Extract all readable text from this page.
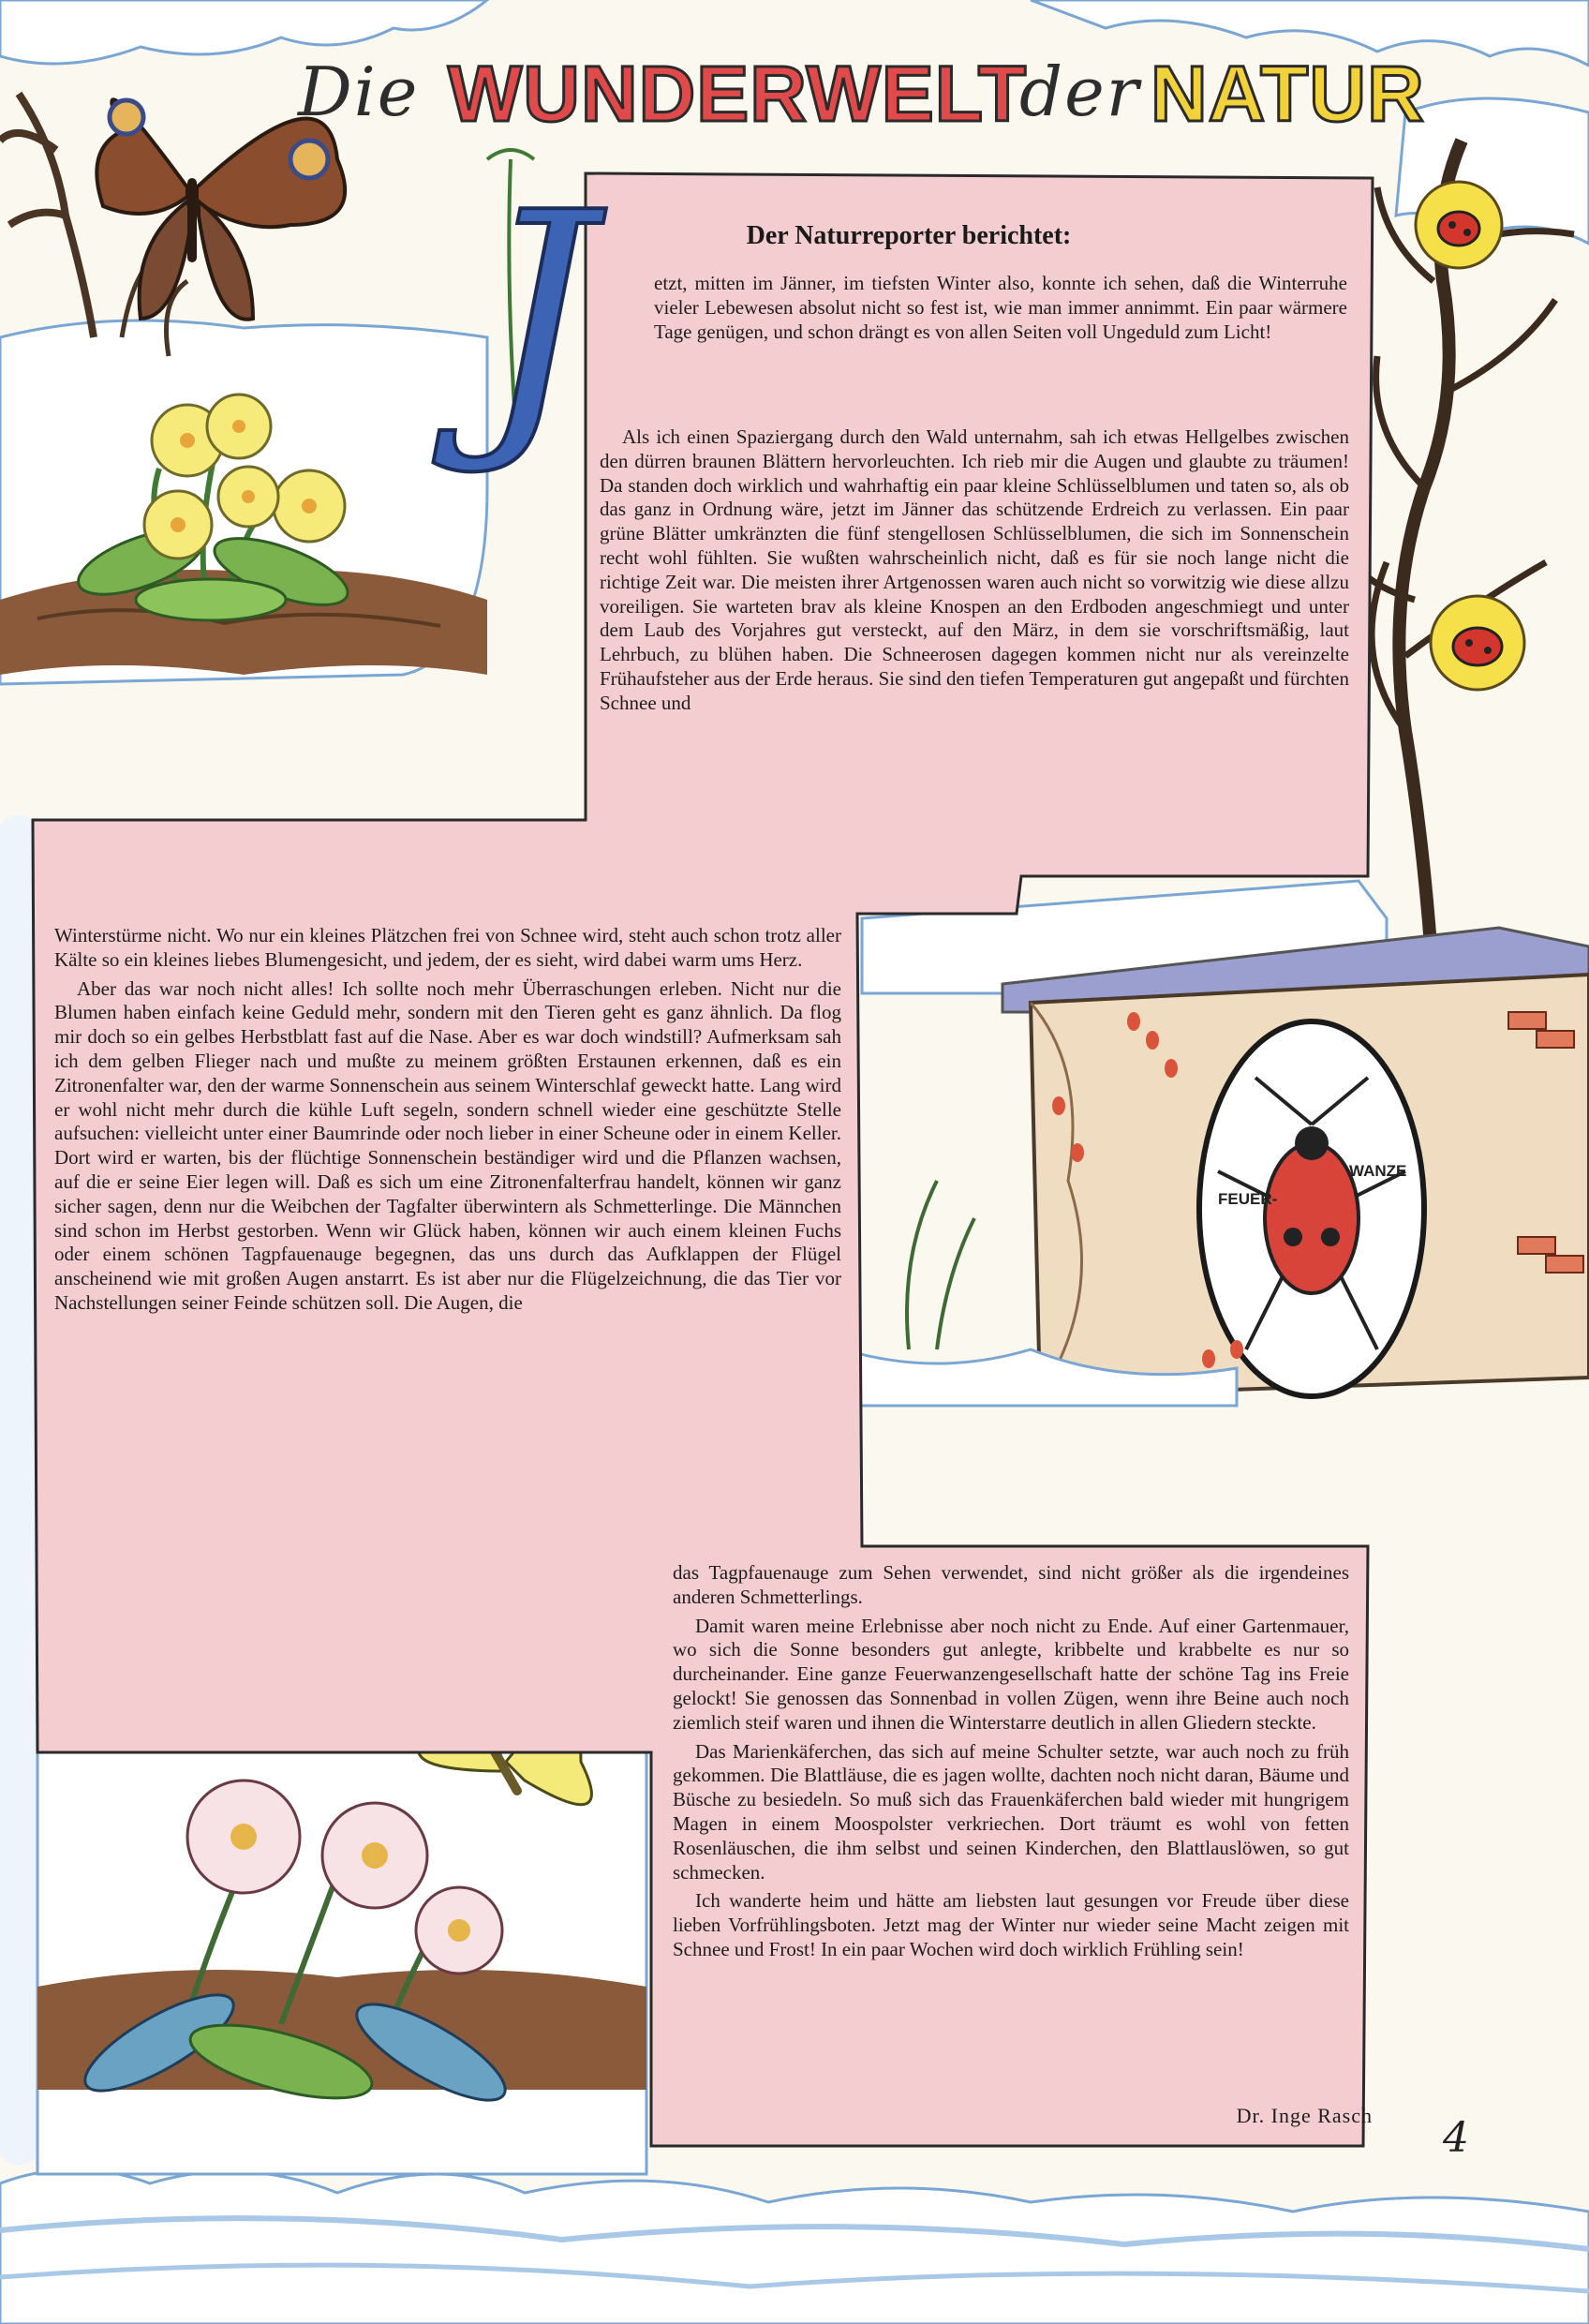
Die WUNDERWELT
der NATUR
J	Der Naturreporter berichtet:

etzt, mitten im Jänner, im tiefsten Winter also, konnte ich sehen, daß die Winterruhe vieler Lebewesen absolut nicht so fest ist, wie man immer annimmt. Ein paar wärmere Tage genügen, und schon drängt es von allen Seiten voll Ungeduld zum Licht!

Als ich einen Spaziergang durch den Wald unternahm, sah ich etwas Hellgelbes zwischen den dürren braunen Blättern hervorleuchten. Ich rieb mir die Augen und glaubte zu träumen! Da standen doch wirklich und wahrhaftig ein paar kleine Schlüsselblumen und taten so, als ob das ganz in Ordnung wäre, jetzt im Jänner das schützende Erdreich zu verlassen. Ein paar grüne Blätter umkränzten die fünf stengellosen Schlüsselblumen, die sich im Sonnenschein recht wohl fühlten. Sie wußten wahrscheinlich nicht, daß es für sie noch lange nicht die richtige Zeit war. Die meisten ihrer Artgenossen waren auch nicht so vorwitzig wie diese allzu voreiligen. Sie warteten brav als kleine Knospen an den Erdboden angeschmiegt und unter dem Laub des Vorjahres gut versteckt, auf den März, in dem sie vorschriftsmäßig, laut Lehrbuch, zu blühen haben. Die Schneerosen dagegen kommen nicht nur als vereinzelte Frühaufsteher aus der Erde heraus. Sie sind den tiefen Temperaturen gut angepaßt und fürchten Schnee und

Winterstürme nicht. Wo nur ein kleines Plätzchen frei von Schnee wird, steht auch schon trotz aller Kälte so ein kleines liebes Blumengesicht, und jedem, der es sieht, wird dabei warm ums Herz.

Aber das war noch nicht alles! Ich sollte noch mehr Überraschungen erleben. Nicht nur die Blumen haben einfach keine Geduld mehr, sondern mit den Tieren geht es ganz ähnlich. Da flog mir doch so ein gelbes Herbstblatt fast auf die Nase. Aber es war doch windstill? Aufmerksam sah ich dem gelben Flieger nach und mußte zu meinem größten Erstaunen erkennen, daß es ein Zitronenfalter war, den der warme Sonnenschein aus seinem Winterschlaf geweckt hatte. Lang wird er wohl nicht mehr durch die kühle Luft segeln, sondern schnell wieder eine geschützte Stelle aufsuchen: vielleicht unter einer Baumrinde oder noch lieber in einer Scheune oder in einem Keller. Dort wird er warten, bis der flüchtige Sonnenschein beständiger wird und die Pflanzen wachsen, auf die er seine Eier legen will. Daß es sich um eine Zitronenfalterfrau handelt, können wir ganz sicher sagen, denn nur die Weibchen der Tagfalter überwintern als Schmetterlinge. Die Männchen sind schon im Herbst gestorben. Wenn wir Glück haben, können wir auch einem kleinen Fuchs oder einem schönen Tagpfauenauge begegnen, das uns durch das Aufklappen der Flügel anscheinend wie mit großen Augen anstarrt. Es ist aber nur die Flügelzeichnung, die das Tier vor Nachstellungen seiner Feinde schützen soll. Die Augen, die

das Tagpfauenauge zum Sehen verwendet, sind nicht größer als die irgendeines anderen Schmetterlings.

Damit waren meine Erlebnisse aber noch nicht zu Ende. Auf einer Gartenmauer, wo sich die Sonne besonders gut anlegte, kribbelte und krabbelte es nur so durcheinander. Eine ganze Feuerwanzengesellschaft hatte der schöne Tag ins Freie gelockt! Sie genossen das Sonnenbad in vollen Zügen, wenn ihre Beine auch noch ziemlich steif waren und ihnen die Winterstarre deutlich in allen Gliedern steckte.

Das Marienkäferchen, das sich auf meine Schulter setzte, war auch noch zu früh gekommen. Die Blattläuse, die es jagen wollte, dachten noch nicht daran, Bäume und Büsche zu besiedeln. So muß sich das Frauenkäferchen bald wieder mit hungrigem Magen in einem Moospolster verkriechen. Dort träumt es wohl von fetten Rosenläuschen, die ihm selbst und seinen Kinderchen, den Blattlauslöwen, so gut schmecken.

Ich wanderte heim und hätte am liebsten laut gesungen vor Freude über diese lieben Vorfrühlingsboten. Jetzt mag der Winter nur wieder seine Macht zeigen mit Schnee und Frost! In ein paar Wochen wird doch wirklich Frühling sein!

Dr. Inge Rasch 4
FEUER-
WANZE
